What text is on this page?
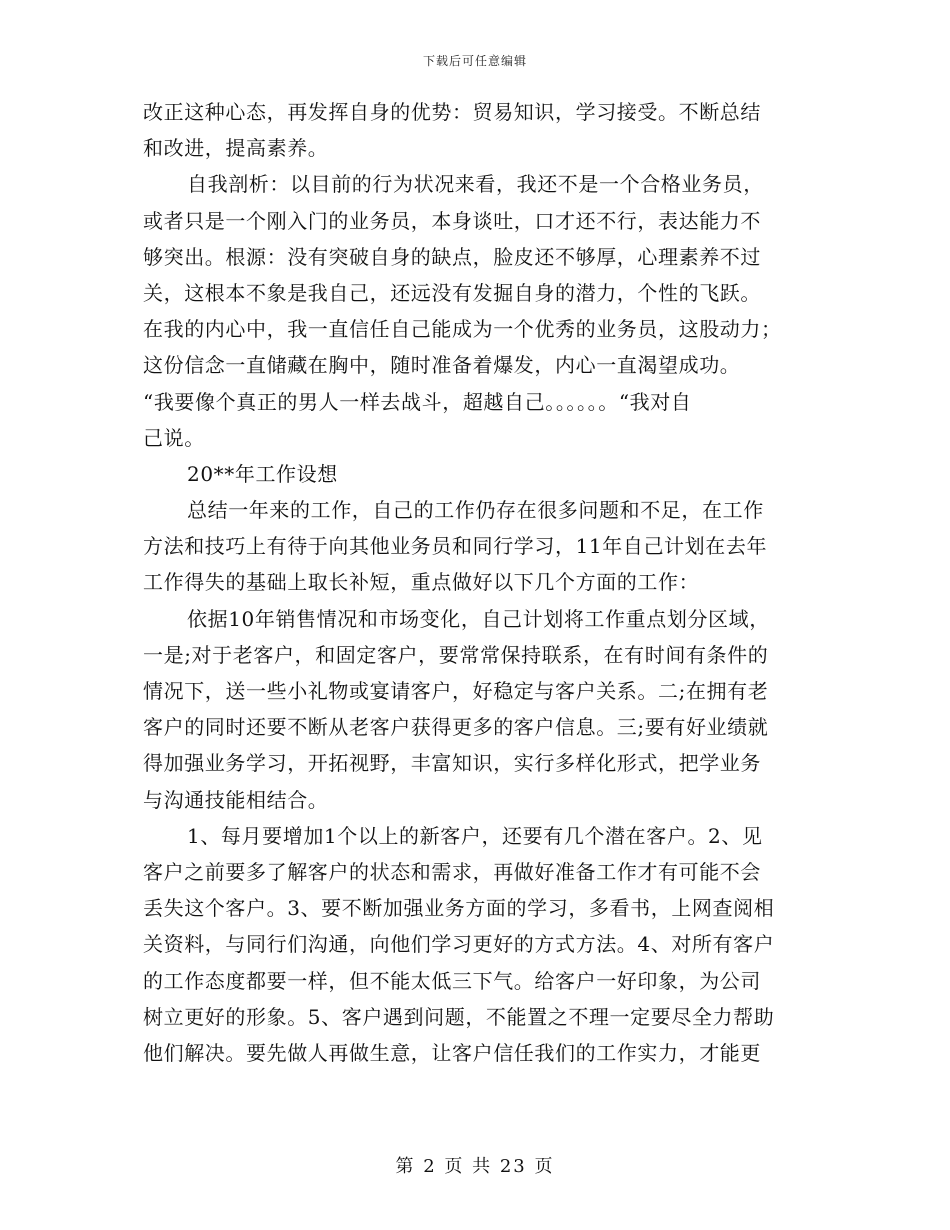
下载后可任意编辑
改正这种心态，再发挥自身的优势：贸易知识，学习接受。不断总结
和改进，提高素养。
自我剖析：以目前的行为状况来看，我还不是一个合格业务员，
或者只是一个刚入门的业务员，本身谈吐，口才还不行，表达能力不
够突出。根源：没有突破自身的缺点，脸皮还不够厚，心理素养不过
关，这根本不象是我自己，还远没有发掘自身的潜力，个性的飞跃。
在我的内心中，我一直信任自己能成为一个优秀的业务员，这股动力；
这份信念一直储藏在胸中，随时准备着爆发，内心一直渴望成功。
“我要像个真正的男人一样去战斗，超越自己。。。。。。“我对自
己说。
20**年工作设想
总结一年来的工作，自己的工作仍存在很多问题和不足，在工作
方法和技巧上有待于向其他业务员和同行学习，11年自己计划在去年
工作得失的基础上取长补短，重点做好以下几个方面的工作：
依据10年销售情况和市场变化，自己计划将工作重点划分区域，
一是;对于老客户，和固定客户，要常常保持联系，在有时间有条件的
情况下，送一些小礼物或宴请客户，好稳定与客户关系。二;在拥有老
客户的同时还要不断从老客户获得更多的客户信息。三;要有好业绩就
得加强业务学习，开拓视野，丰富知识，实行多样化形式，把学业务
与沟通技能相结合。
1、每月要增加1个以上的新客户，还要有几个潜在客户。2、见
客户之前要多了解客户的状态和需求，再做好准备工作才有可能不会
丢失这个客户。3、要不断加强业务方面的学习，多看书，上网查阅相
关资料，与同行们沟通，向他们学习更好的方式方法。4、对所有客户
的工作态度都要一样，但不能太低三下气。给客户一好印象，为公司
树立更好的形象。5、客户遇到问题，不能置之不理一定要尽全力帮助
他们解决。要先做人再做生意，让客户信任我们的工作实力，才能更
第 2 页 共 23 页
